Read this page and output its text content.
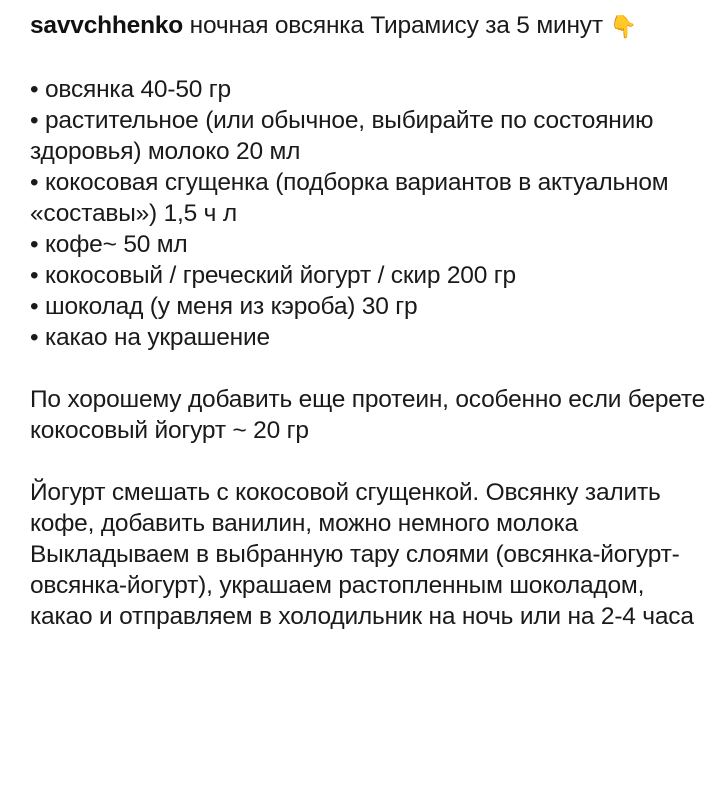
savvchhenko ночная овсянка Тирамису за 5 минут 👇

• овсянка 40-50 гр
• растительное (или обычное, выбирайте по состоянию здоровья) молоко 20 мл
• кокосовая сгущенка (подборка вариантов в актуальном «составы») 1,5 ч л
• кофе~ 50 мл
• кокосовый / греческий йогурт / скир 200 гр
• шоколад (у меня из кэроба) 30 гр
• какао на украшение

По хорошему добавить еще протеин, особенно если берете кокосовый йогурт ~ 20 гр

Йогурт смешать с кокосовой сгущенкой. Овсянку залить кофе, добавить ванилин, можно немного молока

Выкладываем в выбранную тару слоями (овсянка-йогурт-овсянка-йогурт), украшаем растопленным шоколадом, какао и отправляем в холодильник на ночь или на 2-4 часа
